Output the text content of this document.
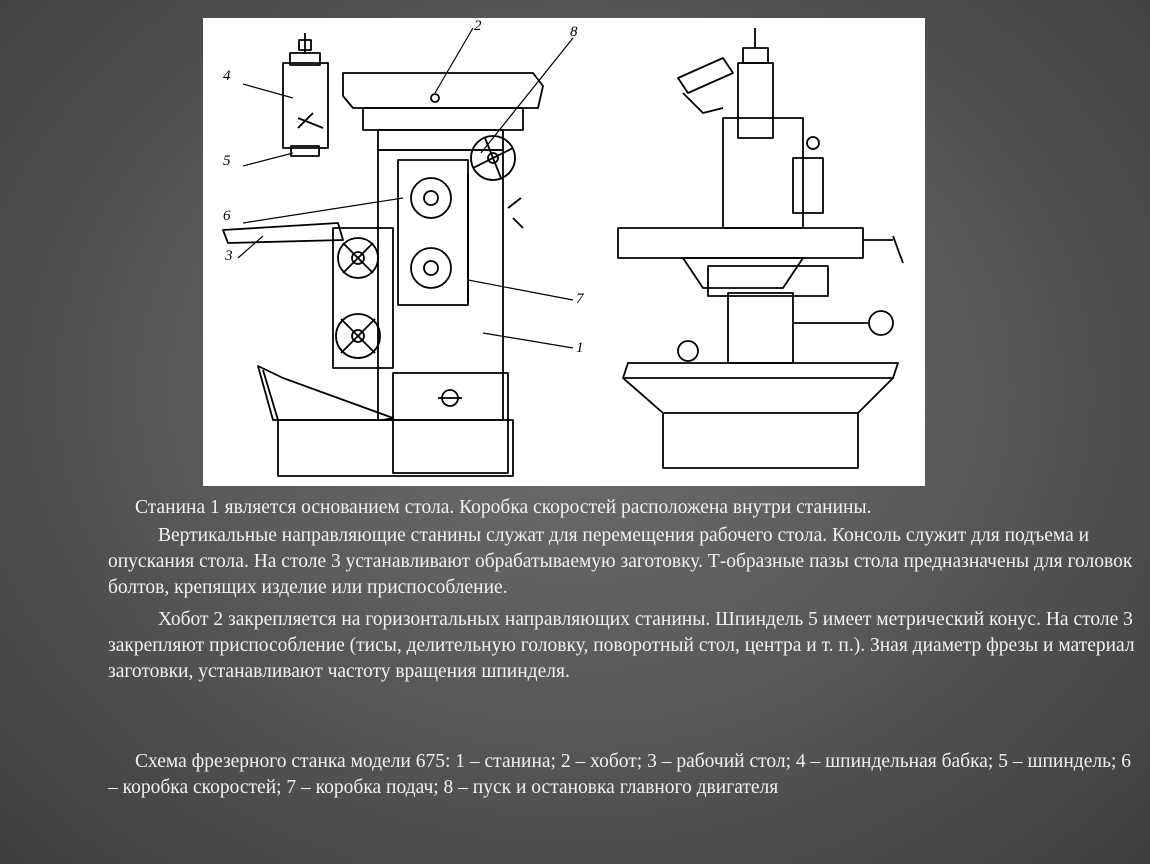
2	8
4
5
6
3
7
1

Станина 1 является основанием стола. Коробка скоростей расположена внутри станины.

Вертикальные направляющие станины служат для перемещения рабочего стола. Консоль служит для подъема и опускания стола. На столе 3 устанавливают обрабатываемую заготовку. Т-образные пазы стола предназначены для головок болтов, крепящих изделие или приспособление.

Хобот 2 закрепляется на горизонтальных направляющих станины. Шпиндель 5 имеет метрический конус. На столе 3 закрепляют приспособление (тисы, делительную головку, поворотный стол, центра и т. п.). Зная диаметр фрезы и материал заготовки, устанавливают частоту вращения шпинделя.

Схема фрезерного станка модели 675: 1 – станина; 2 – хобот; 3 – рабочий стол; 4 – шпиндельная бабка; 5 – шпиндель; 6 – коробка скоростей; 7 – коробка подач; 8 – пуск и остановка главного двигателя
